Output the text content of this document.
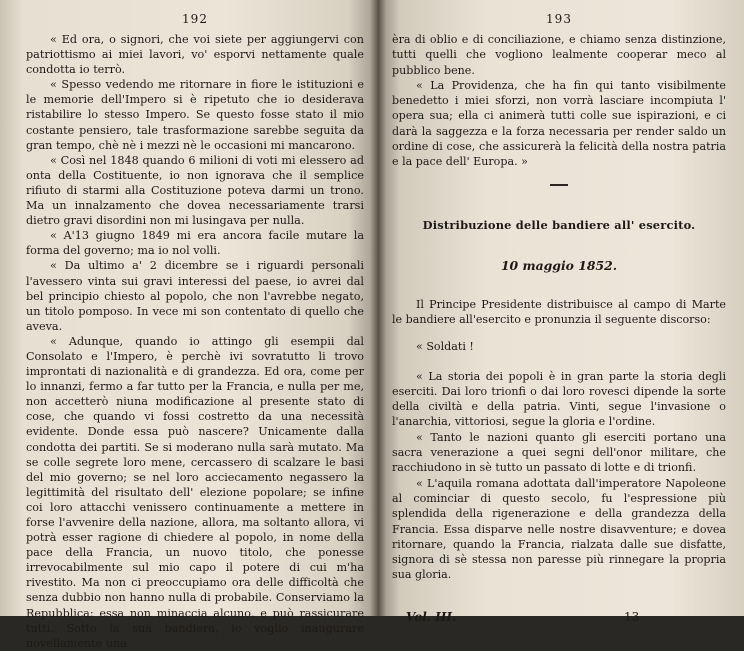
192

« Ed ora, o signori, che voi siete per aggiungervi con patriottismo ai miei lavori, vo' esporvi nettamente quale condotta io terrò.

« Spesso vedendo me ritornare in fiore le istituzioni e le memorie dell'Impero si è ripetuto che io desiderava ristabilire lo stesso Impero. Se questo fosse stato il mio costante pensiero, tale trasformazione sarebbe seguita da gran tempo, chè nè i mezzi nè le occasioni mi mancarono.

« Così nel 1848 quando 6 milioni di voti mi elessero ad onta della Costituente, io non ignorava che il semplice rifiuto di starmi alla Costituzione poteva darmi un trono. Ma un innalzamento che dovea necessariamente trarsi dietro gravi disordini non mi lusingava per nulla.

« A'13 giugno 1849 mi era ancora facile mutare la forma del governo; ma io nol volli.

« Da ultimo a' 2 dicembre se i riguardi personali l'avessero vinta sui gravi interessi del paese, io avrei dal bel principio chiesto al popolo, che non l'avrebbe negato, un titolo pomposo. In vece mi son contentato di quello che aveva.

« Adunque, quando io attingo gli esempii dal Consolato e l'Impero, è perchè ivi sovratutto li trovo improntati di nazionalità e di grandezza. Ed ora, come per lo innanzi, fermo a far tutto per la Francia, e nulla per me, non accetterò niuna modificazione al presente stato di cose, che quando vi fossi costretto da una necessità evidente. Donde essa può nascere? Unicamente dalla condotta dei partiti. Se si moderano nulla sarà mutato. Ma se colle segrete loro mene, cercassero di scalzare le basi del mio governo; se nel loro acciecamento negassero la legittimità del risultato dell' elezione popolare; se infine coi loro attacchi venissero continuamente a mettere in forse l'avvenire della nazione, allora, ma soltanto allora, vi potrà esser ragione di chiedere al popolo, in nome della pace della Francia, un nuovo titolo, che ponesse irrevocabilmente sul mio capo il potere di cui m'ha rivestito. Ma non ci preoccupiamo ora delle difficoltà che senza dubbio non hanno nulla di probabile. Conserviamo la Repubblica: essa non minaccia alcuno, e può rassicurare tutti. Sotto la sua bandiera, io voglio inaugurare novellamente una

193

èra di oblio e di conciliazione, e chiamo senza distinzione, tutti quelli che vogliono lealmente cooperar meco al pubblico bene.

« La Providenza, che ha fin qui tanto visibilmente benedetto i miei sforzi, non vorrà lasciare incompiuta l' opera sua; ella ci animerà tutti colle sue ispirazioni, e ci darà la saggezza e la forza necessaria per render saldo un ordine di cose, che assicurerà la felicità della nostra patria e la pace dell' Europa. »

Distribuzione delle bandiere all' esercito.
10 maggio 1852.

Il Principe Presidente distribuisce al campo di Marte le bandiere all'esercito e pronunzia il seguente discorso:

« Soldati !

« La storia dei popoli è in gran parte la storia degli eserciti. Dai loro trionfi o dai loro rovesci dipende la sorte della civiltà e della patria. Vinti, segue l'invasione o l'anarchia, vittoriosi, segue la gloria e l'ordine.

« Tanto le nazioni quanto gli eserciti portano una sacra venerazione a quei segni dell'onor militare, che racchiudono in sè tutto un passato di lotte e di trionfi.

« L'aquila romana adottata dall'imperatore Napoleone al cominciar di questo secolo, fu l'espressione più splendida della rigenerazione e della grandezza della Francia. Essa disparve nelle nostre disavventure; e dovea ritornare, quando la Francia, rialzata dalle sue disfatte, signora di sè stessa non paresse più rinnegare la propria sua gloria.

Vol. III.	13
